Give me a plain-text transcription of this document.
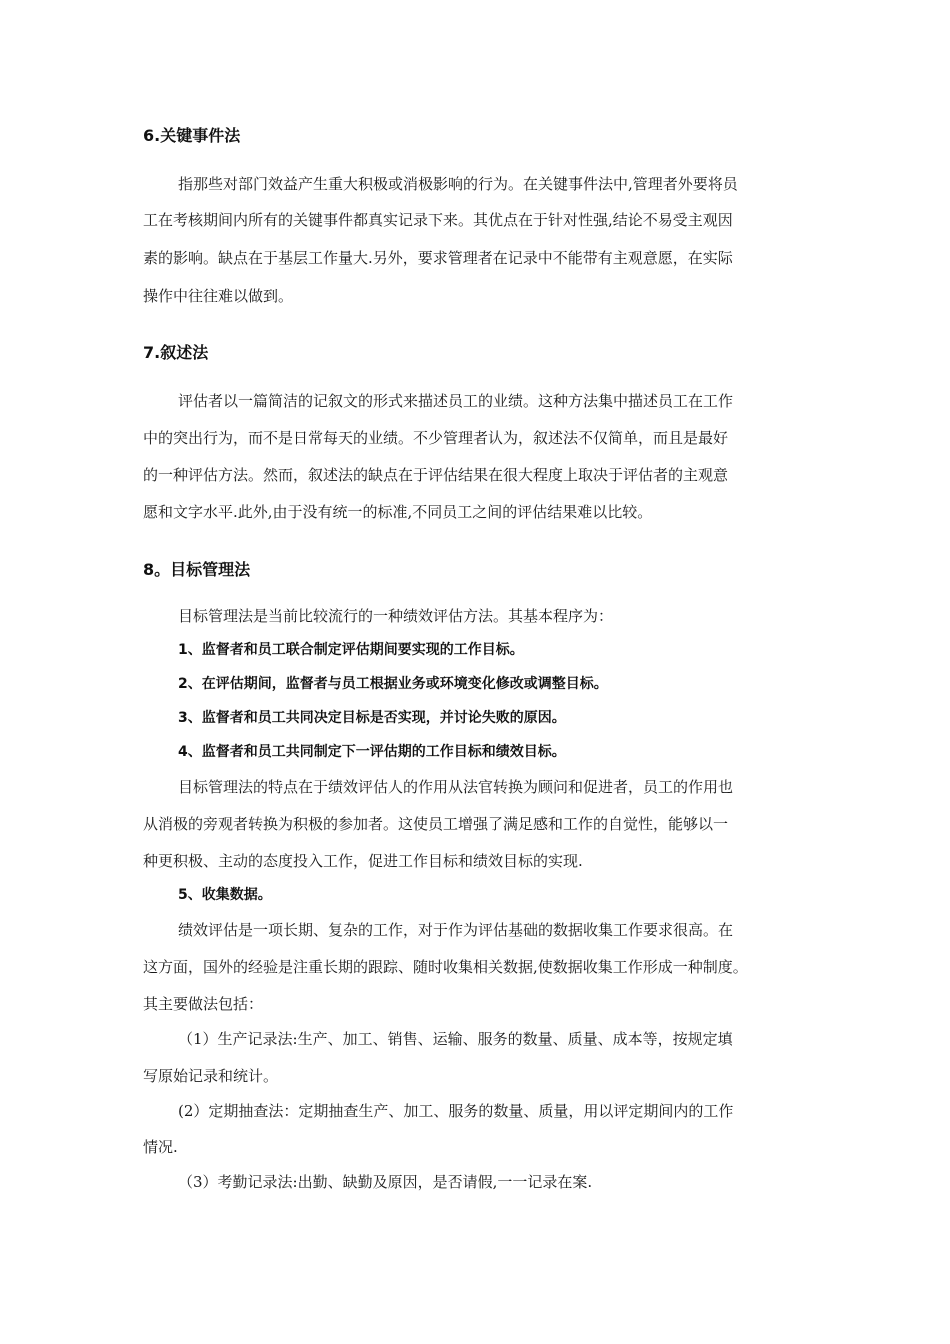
6.关键事件法
指那些对部门效益产生重大积极或消极影响的行为。在关键事件法中,管理者外要将员
工在考核期间内所有的关键事件都真实记录下来。其优点在于针对性强,结论不易受主观因
素的影响。缺点在于基层工作量大.另外，要求管理者在记录中不能带有主观意愿，在实际
操作中往往难以做到。
7.叙述法
评估者以一篇简洁的记叙文的形式来描述员工的业绩。这种方法集中描述员工在工作
中的突出行为，而不是日常每天的业绩。不少管理者认为，叙述法不仅简单，而且是最好
的一种评估方法。然而，叙述法的缺点在于评估结果在很大程度上取决于评估者的主观意
愿和文字水平.此外,由于没有统一的标准,不同员工之间的评估结果难以比较。
8。目标管理法
目标管理法是当前比较流行的一种绩效评估方法。其基本程序为：
1、监督者和员工联合制定评估期间要实现的工作目标。
2、在评估期间，监督者与员工根据业务或环境变化修改或调整目标。
3、监督者和员工共同决定目标是否实现，并讨论失败的原因。
4、监督者和员工共同制定下一评估期的工作目标和绩效目标。
目标管理法的特点在于绩效评估人的作用从法官转换为顾问和促进者，员工的作用也
从消极的旁观者转换为积极的参加者。这使员工增强了满足感和工作的自觉性，能够以一
种更积极、主动的态度投入工作，促进工作目标和绩效目标的实现.
5、收集数据。
绩效评估是一项长期、复杂的工作，对于作为评估基础的数据收集工作要求很高。在
这方面，国外的经验是注重长期的跟踪、随时收集相关数据,使数据收集工作形成一种制度。
其主要做法包括：
（1）生产记录法:生产、加工、销售、运输、服务的数量、质量、成本等，按规定填
写原始记录和统计。
(2）定期抽查法：定期抽查生产、加工、服务的数量、质量，用以评定期间内的工作
情况.
（3）考勤记录法:出勤、缺勤及原因，是否请假,一一记录在案.
